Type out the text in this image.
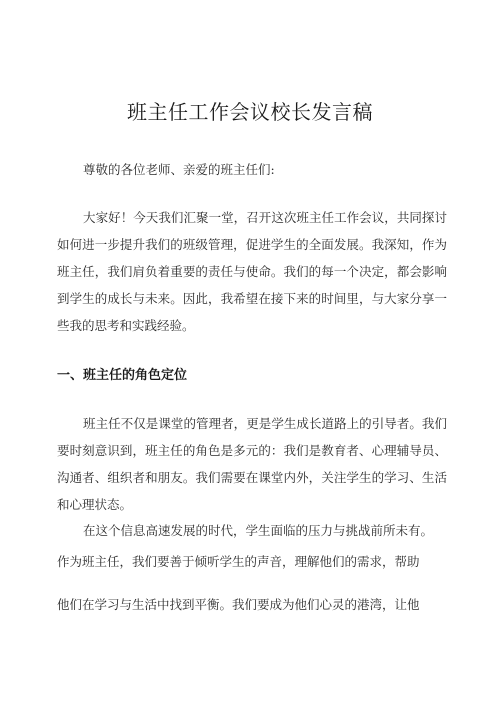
班主任工作会议校长发言稿
尊敬的各位老师、亲爱的班主任们:
大家好！今天我们汇聚一堂，召开这次班主任工作会议，共同探讨如何进一步提升我们的班级管理，促进学生的全面发展。我深知，作为班主任，我们肩负着重要的责任与使命。我们的每一个决定，都会影响到学生的成长与未来。因此，我希望在接下来的时间里，与大家分享一些我的思考和实践经验。
一、班主任的角色定位
班主任不仅是课堂的管理者，更是学生成长道路上的引导者。我们要时刻意识到，班主任的角色是多元的：我们是教育者、心理辅导员、沟通者、组织者和朋友。我们需要在课堂内外，关注学生的学习、生活和心理状态。
在这个信息高速发展的时代，学生面临的压力与挑战前所未有。
作为班主任，我们要善于倾听学生的声音，理解他们的需求，帮助
他们在学习与生活中找到平衡。我们要成为他们心灵的港湾，让他
